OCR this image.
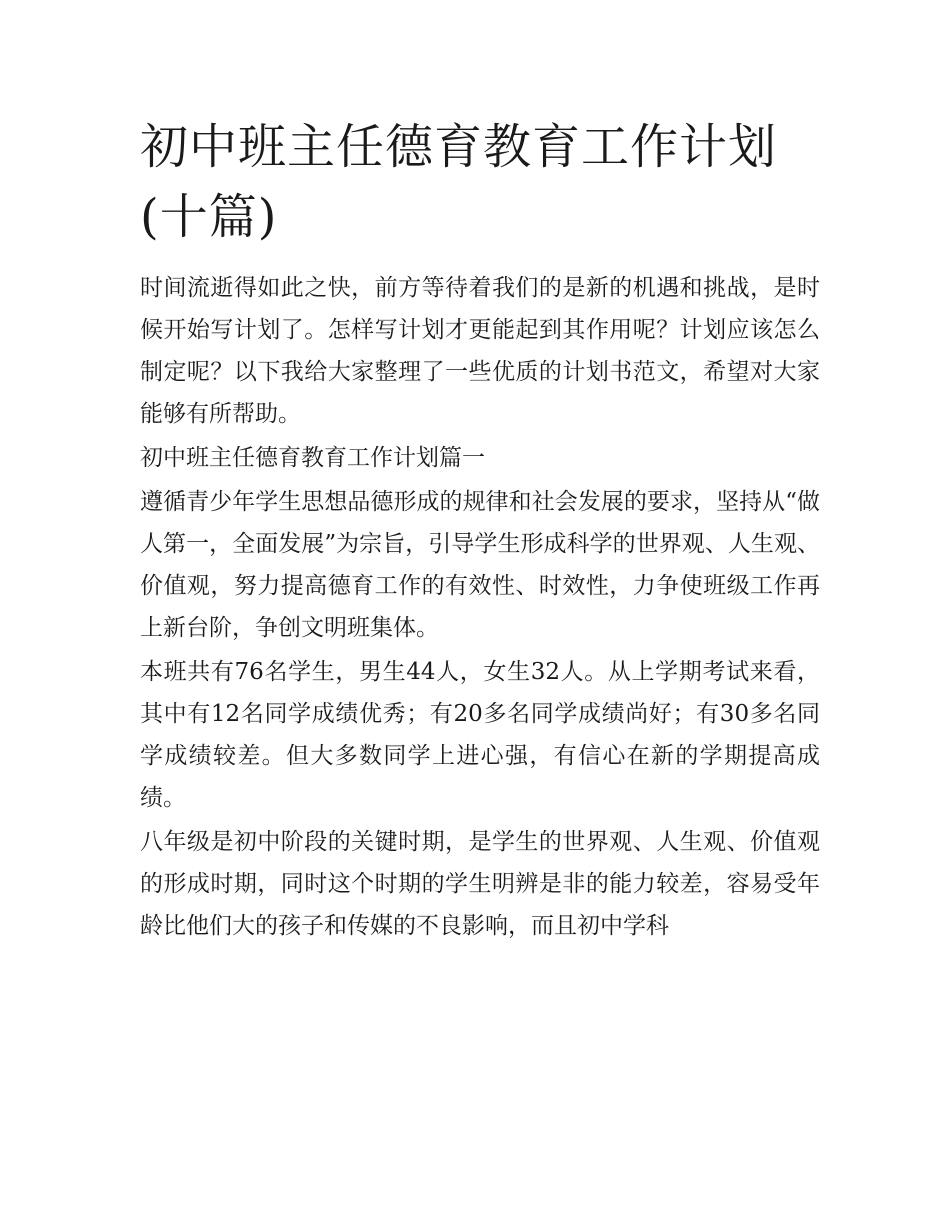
初中班主任德育教育工作计划(十篇)

时间流逝得如此之快，前方等待着我们的是新的机遇和挑战，是时候开始写计划了。怎样写计划才更能起到其作用呢？计划应该怎么制定呢？以下我给大家整理了一些优质的计划书范文，希望对大家能够有所帮助。

初中班主任德育教育工作计划篇一

遵循青少年学生思想品德形成的规律和社会发展的要求，坚持从“做人第一，全面发展”为宗旨，引导学生形成科学的世界观、人生观、价值观，努力提高德育工作的有效性、时效性，力争使班级工作再上新台阶，争创文明班集体。

本班共有76名学生，男生44人，女生32人。从上学期考试来看，其中有12名同学成绩优秀；有20多名同学成绩尚好；有30多名同学成绩较差。但大多数同学上进心强，有信心在新的学期提高成绩。

八年级是初中阶段的关键时期，是学生的世界观、人生观、价值观的形成时期，同时这个时期的学生明辨是非的能力较差，容易受年龄比他们大的孩子和传媒的不良影响，而且初中学科
